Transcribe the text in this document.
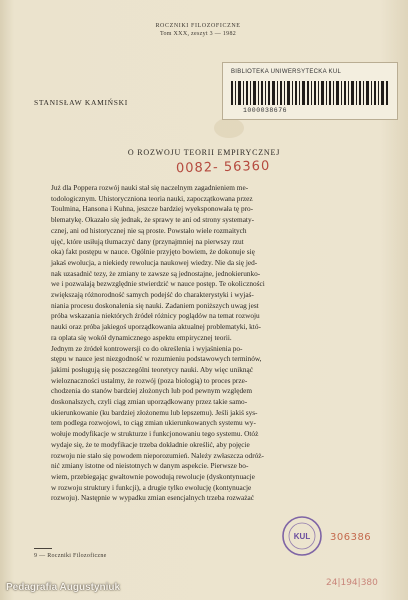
ROCZNIKI FILOZOFICZNE
Tom XXX, zeszyt 3 — 1982
BIBLIOTEKA UNIWERSYTECKA KUL
1000038676
STANISŁAW KAMIŃSKI
O ROZWOJU TEORII EMPIRYCZNEJ
0082- 56360

Już dla Poppera rozwój nauki stał się naczelnym zagadnieniem me-
todologicznym. Uhistoryczniona teoria nauki, zapoczątkowana przez
Toulmina, Hansona i Kuhna, jeszcze bardziej wyeksponowała tę pro-
blematykę. Okazało się jednak, że sprawy te ani od strony systematy-
cznej, ani od historycznej nie są proste. Powstało wiele rozmaitych
ujęć, które usiłują tłumaczyć dany (przynajmniej na pierwszy rzut
oka) fakt postępu w nauce. Ogólnie przyjęto bowiem, że dokonuje się
jakaś ewolucja, a niekiedy rewolucja naukowej wiedzy. Nie da się jed-
nak uzasadnić tezy, że zmiany te zawsze są jednostajne, jednokierunko-
we i pozwalają bezwzględnie stwierdzić w nauce postęp. Te okoliczności
zwiększają różnorodność samych podejść do charakterystyki i wyjaś-
niania procesu doskonalenia się nauki. Zadaniem poniższych uwag jest
próba wskazania niektórych źródeł różnicy poglądów na temat rozwoju
nauki oraz próba jakiegoś uporządkowania aktualnej problematyki, któ-
ra oplata się wokół dynamicznego aspektu empirycznej teorii.

Jednym ze źródeł kontrowersji co do określenia i wyjaśnienia po-
stępu w nauce jest niezgodność w rozumieniu podstawowych terminów,
jakimi posługują się poszczególni teoretycy nauki. Aby więc uniknąć
wieloznaczności ustalmy, że rozwój (poza biologią) to proces prze-
chodzenia do stanów bardziej złożonych lub pod pewnym względem
doskonalszych, czyli ciąg zmian uporządkowany przez takie samo-
ukierunkowanie (ku bardziej złożonemu lub lepszemu). Jeśli jakiś sys-
tem podlega rozwojowi, to ciąg zmian ukierunkowanych systemu wy-
wołuje modyfikacje w strukturze i funkcjonowaniu tego systemu. Otóż
wydaje się, że te modyfikacje trzeba dokładnie określić, aby pojęcie
rozwoju nie stało się powodem nieporozumień. Należy zwłaszcza odróż-
nić zmiany istotne od nieistotnych w danym aspekcie. Pierwsze bo-
wiem, przebiegając gwałtownie powodują rewolucje (dyskontynuacje
w rozwoju struktury i funkcji), a drugie tylko ewolucję (kontynuacje
rozwoju). Następnie w wypadku zmian esencjalnych trzeba rozważać

9 — Roczniki Filozoficzne
KUL 306386
24|194|380
Pedagrafia Augustyniuk
